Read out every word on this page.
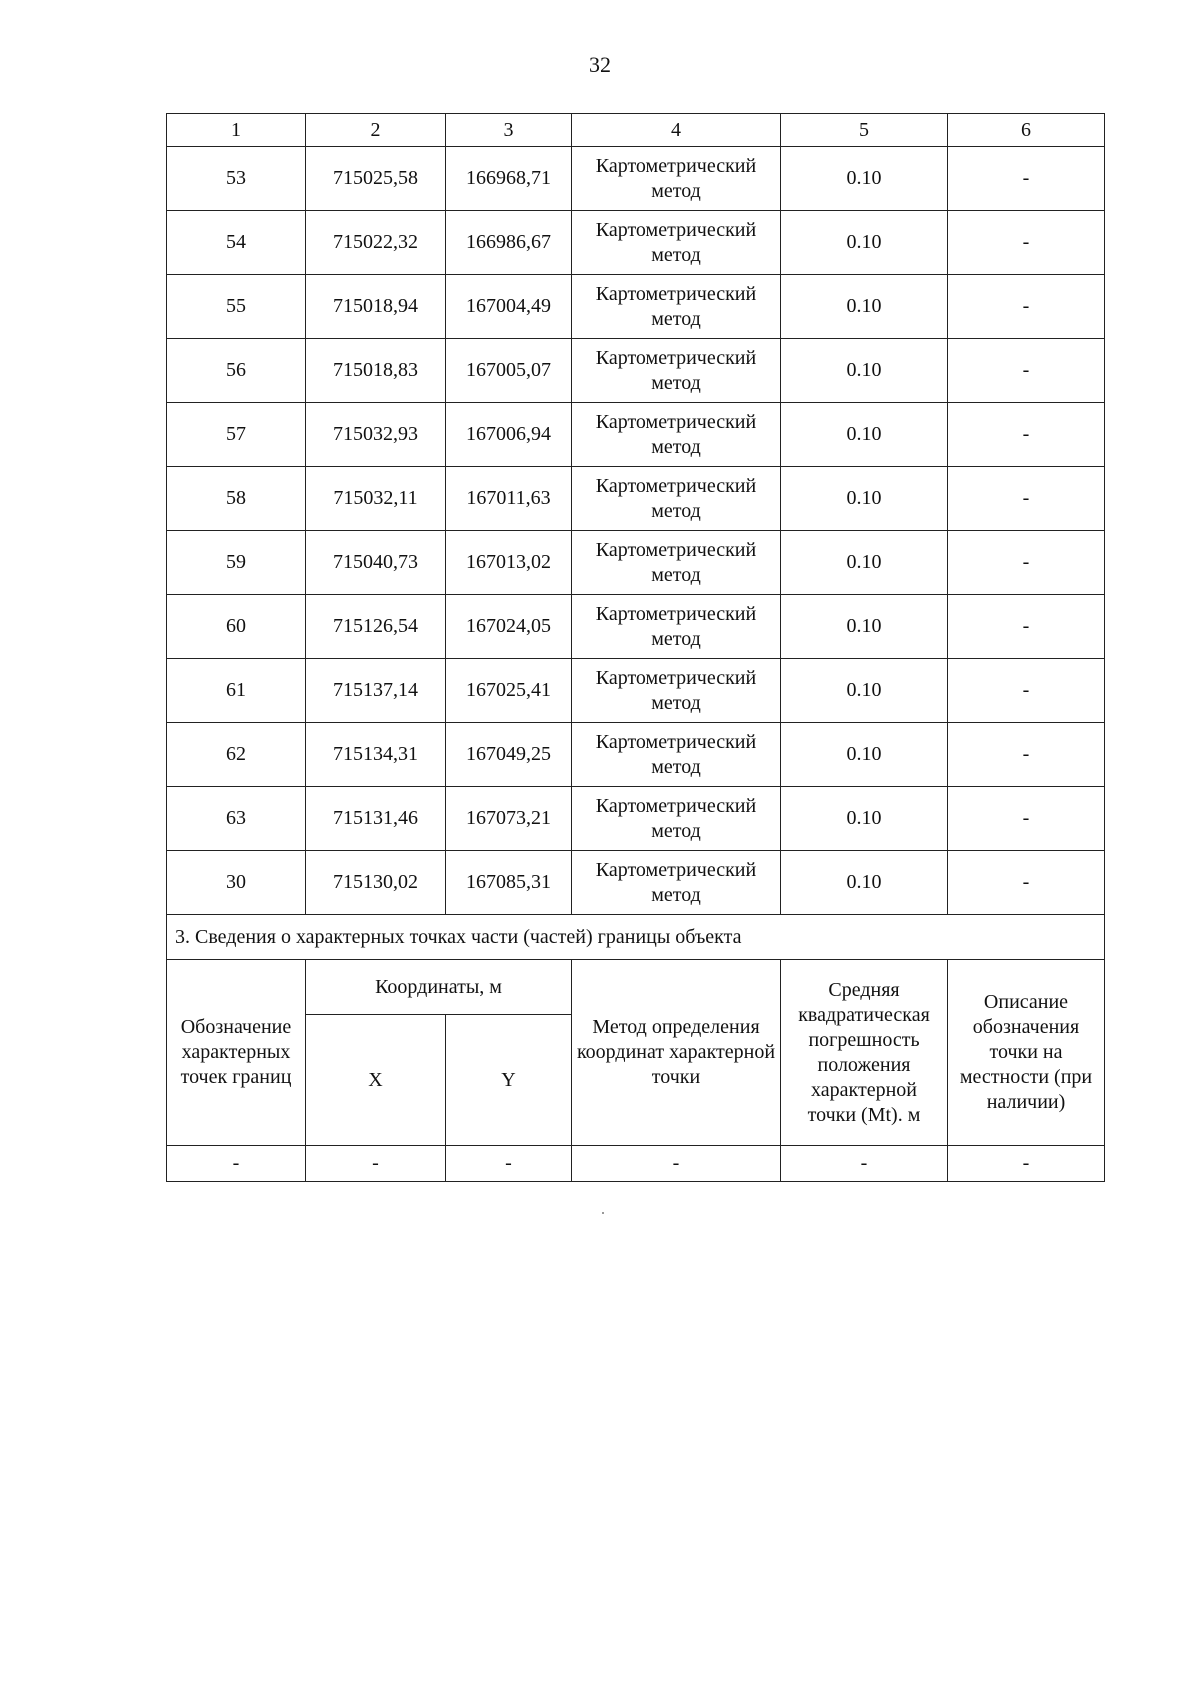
32
1	2	3	4	5	6
53	715025,58	166968,71	Картометрический метод	0.10	-
54	715022,32	166986,67	Картометрический метод	0.10	-
55	715018,94	167004,49	Картометрический метод	0.10	-
56	715018,83	167005,07	Картометрический метод	0.10	-
57	715032,93	167006,94	Картометрический метод	0.10	-
58	715032,11	167011,63	Картометрический метод	0.10	-
59	715040,73	167013,02	Картометрический метод	0.10	-
60	715126,54	167024,05	Картометрический метод	0.10	-
61	715137,14	167025,41	Картометрический метод	0.10	-
62	715134,31	167049,25	Картометрический метод	0.10	-
63	715131,46	167073,21	Картометрический метод	0.10	-
30	715130,02	167085,31	Картометрический метод	0.10	-
3. Сведения о характерных точках части (частей) границы объекта					
Обозначение характерных точек границ	Координаты, м		Метод определения координат характерной точки	Средняя квадратическая погрешность положения характерной точки (Mt). м	Описание обозначения точки на местности (при наличии)
	X	Y			
-	-	-	-	-	-
